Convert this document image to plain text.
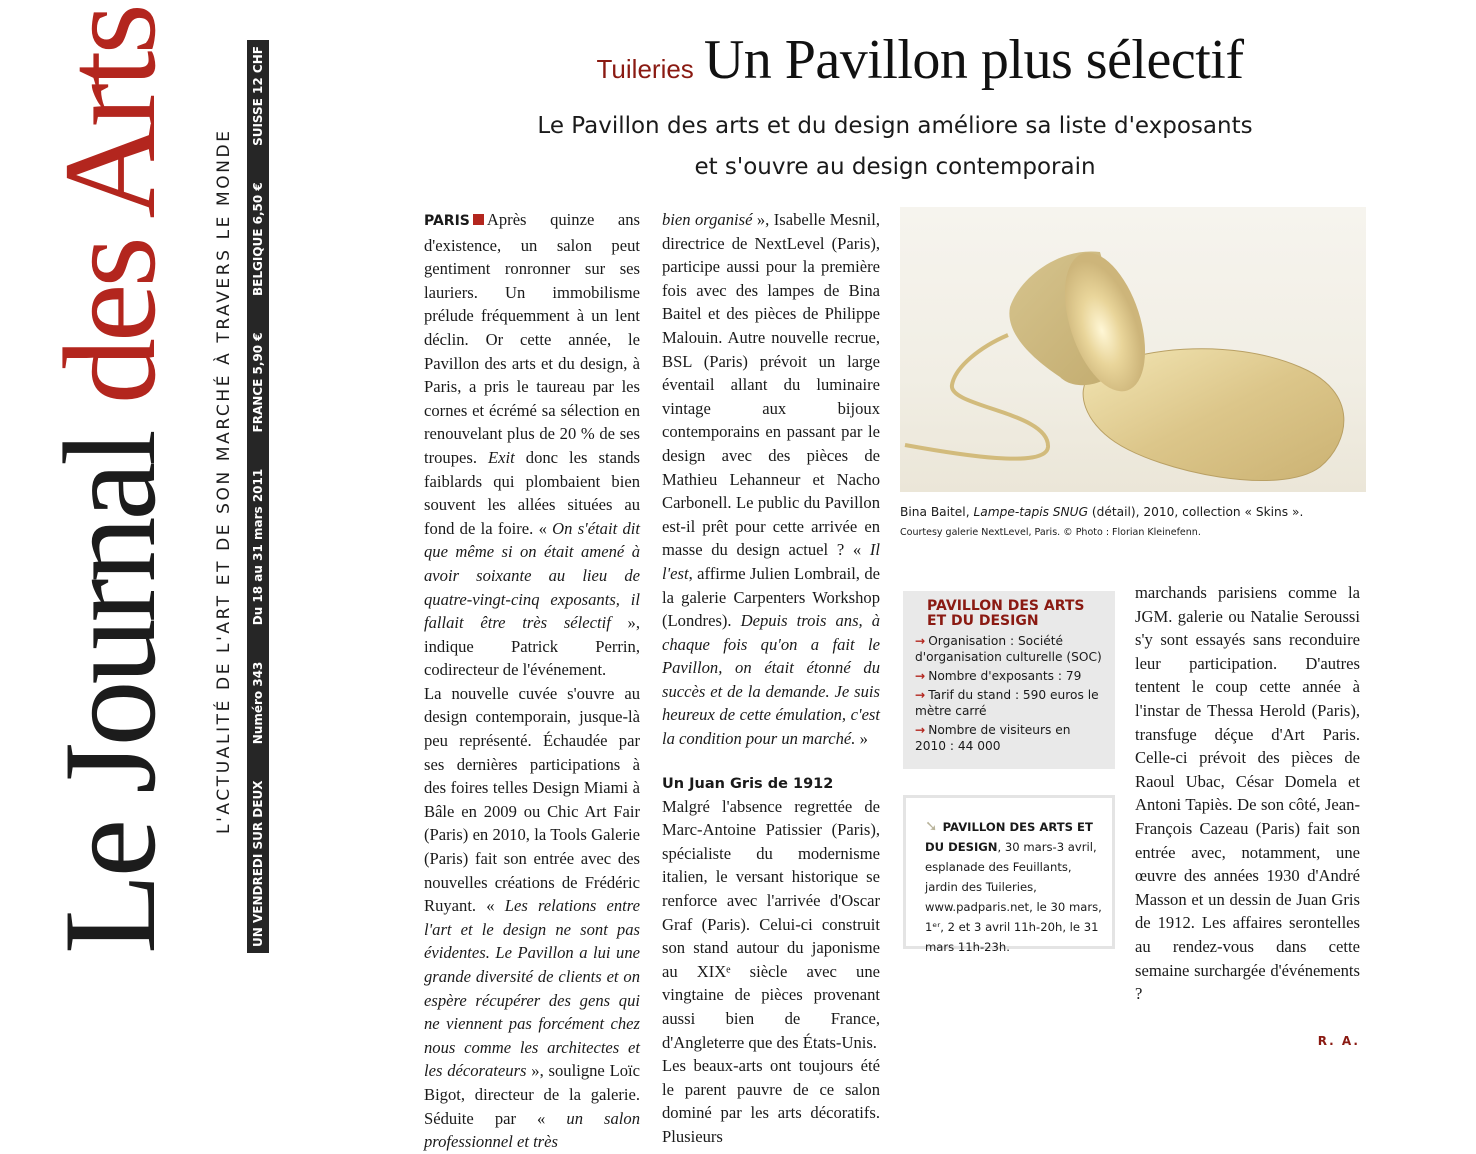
Le Journal des Arts L'ACTUALITÉ DE L'ART ET DE SON MARCHÉ À TRAVERS LE MONDE
UN VENDREDI SUR DEUX
Numéro 343
Du 18 au 31 mars 2011
FRANCE 5,90 €
BELGIQUE 6,50 €
SUISSE 12 CHF	Tuileries Un Pavillon plus sélectif
Le Pavillon des arts et du design améliore sa liste d'exposants
et s'ouvre au design contemporain

PARIS Après quinze ans d'existence, un salon peut gentiment ronronner sur ses lauriers. Un immobilisme prélude fréquemment à un lent déclin. Or cette année, le Pavillon des arts et du design, à Paris, a pris le taureau par les cornes et écrémé sa sélection en renouvelant plus de 20 % de ses troupes. Exit donc les stands faiblards qui plombaient bien souvent les allées situées au fond de la foire. « On s'était dit que même si on était amené à avoir soixante au lieu de quatre-vingt-cinq exposants, il fallait être très sélectif », indique Patrick Perrin, codirecteur de l'événement.

La nouvelle cuvée s'ouvre au design contemporain, jusque-là peu représenté. Échaudée par ses dernières participations à des foires telles Design Miami à Bâle en 2009 ou Chic Art Fair (Paris) en 2010, la Tools Galerie (Paris) fait son entrée avec des nouvelles créations de Frédéric Ruyant. « Les relations entre l'art et le design ne sont pas évidentes. Le Pavillon a lui une grande diversité de clients et on espère récupérer des gens qui ne viennent pas forcément chez nous comme les architectes et les décorateurs », souligne Loïc Bigot, directeur de la galerie. Séduite par « un salon professionnel et très

bien organisé », Isabelle Mesnil, directrice de NextLevel (Paris), participe aussi pour la première fois avec des lampes de Bina Baitel et des pièces de Philippe Malouin. Autre nouvelle recrue, BSL (Paris) prévoit un large éventail allant du luminaire vintage aux bijoux contemporains en passant par le design avec des pièces de Mathieu Lehanneur et Nacho Carbonell. Le public du Pavillon est-il prêt pour cette arrivée en masse du design actuel ? « Il l'est, affirme Julien Lombrail, de la galerie Carpenters Workshop (Londres). Depuis trois ans, à chaque fois qu'on a fait le Pavillon, on était étonné du succès et de la demande. Je suis heureux de cette émulation, c'est la condition pour un marché. »

Un Juan Gris de 1912

Malgré l'absence regrettée de Marc-Antoine Patissier (Paris), spécialiste du modernisme italien, le versant historique se renforce avec l'arrivée d'Oscar Graf (Paris). Celui-ci construit son stand autour du japonisme au XIXᵉ siècle avec une vingtaine de pièces provenant aussi bien de France, d'Angleterre que des États-Unis.

Les beaux-arts ont toujours été le parent pauvre de ce salon dominé par les arts décoratifs. Plusieurs

Bina Baitel, Lampe-tapis SNUG (détail), 2010, collection « Skins ».
Courtesy galerie NextLevel, Paris. © Photo : Florian Kleinefenn.
PAVILLON DES ARTS
ET DU DESIGN
→ Organisation : Société d'organisation culturelle (SOC)
→ Nombre d'exposants : 79
→ Tarif du stand : 590 euros le mètre carré
→ Nombre de visiteurs en 2010 : 44 000
➘ PAVILLON DES ARTS ET DU DESIGN, 30 mars-3 avril, esplanade des Feuillants, jardin des Tuileries, www.padparis.net, le 30 mars, 1ᵉʳ, 2 et 3 avril 11h-20h, le 31 mars 11h-23h.

marchands parisiens comme la JGM. galerie ou Natalie Seroussi s'y sont essayés sans reconduire leur participation. D'autres tentent le coup cette année à l'instar de Thessa Herold (Paris), transfuge déçue d'Art Paris. Celle-ci prévoit des pièces de Raoul Ubac, César Domela et Antoni Tapiès. De son côté, Jean-François Cazeau (Paris) fait son entrée avec, notamment, une œuvre des années 1930 d'André Masson et un dessin de Juan Gris de 1912. Les affaires serontelles au rendez-vous dans cette semaine surchargée d'événements ?

R. A.
